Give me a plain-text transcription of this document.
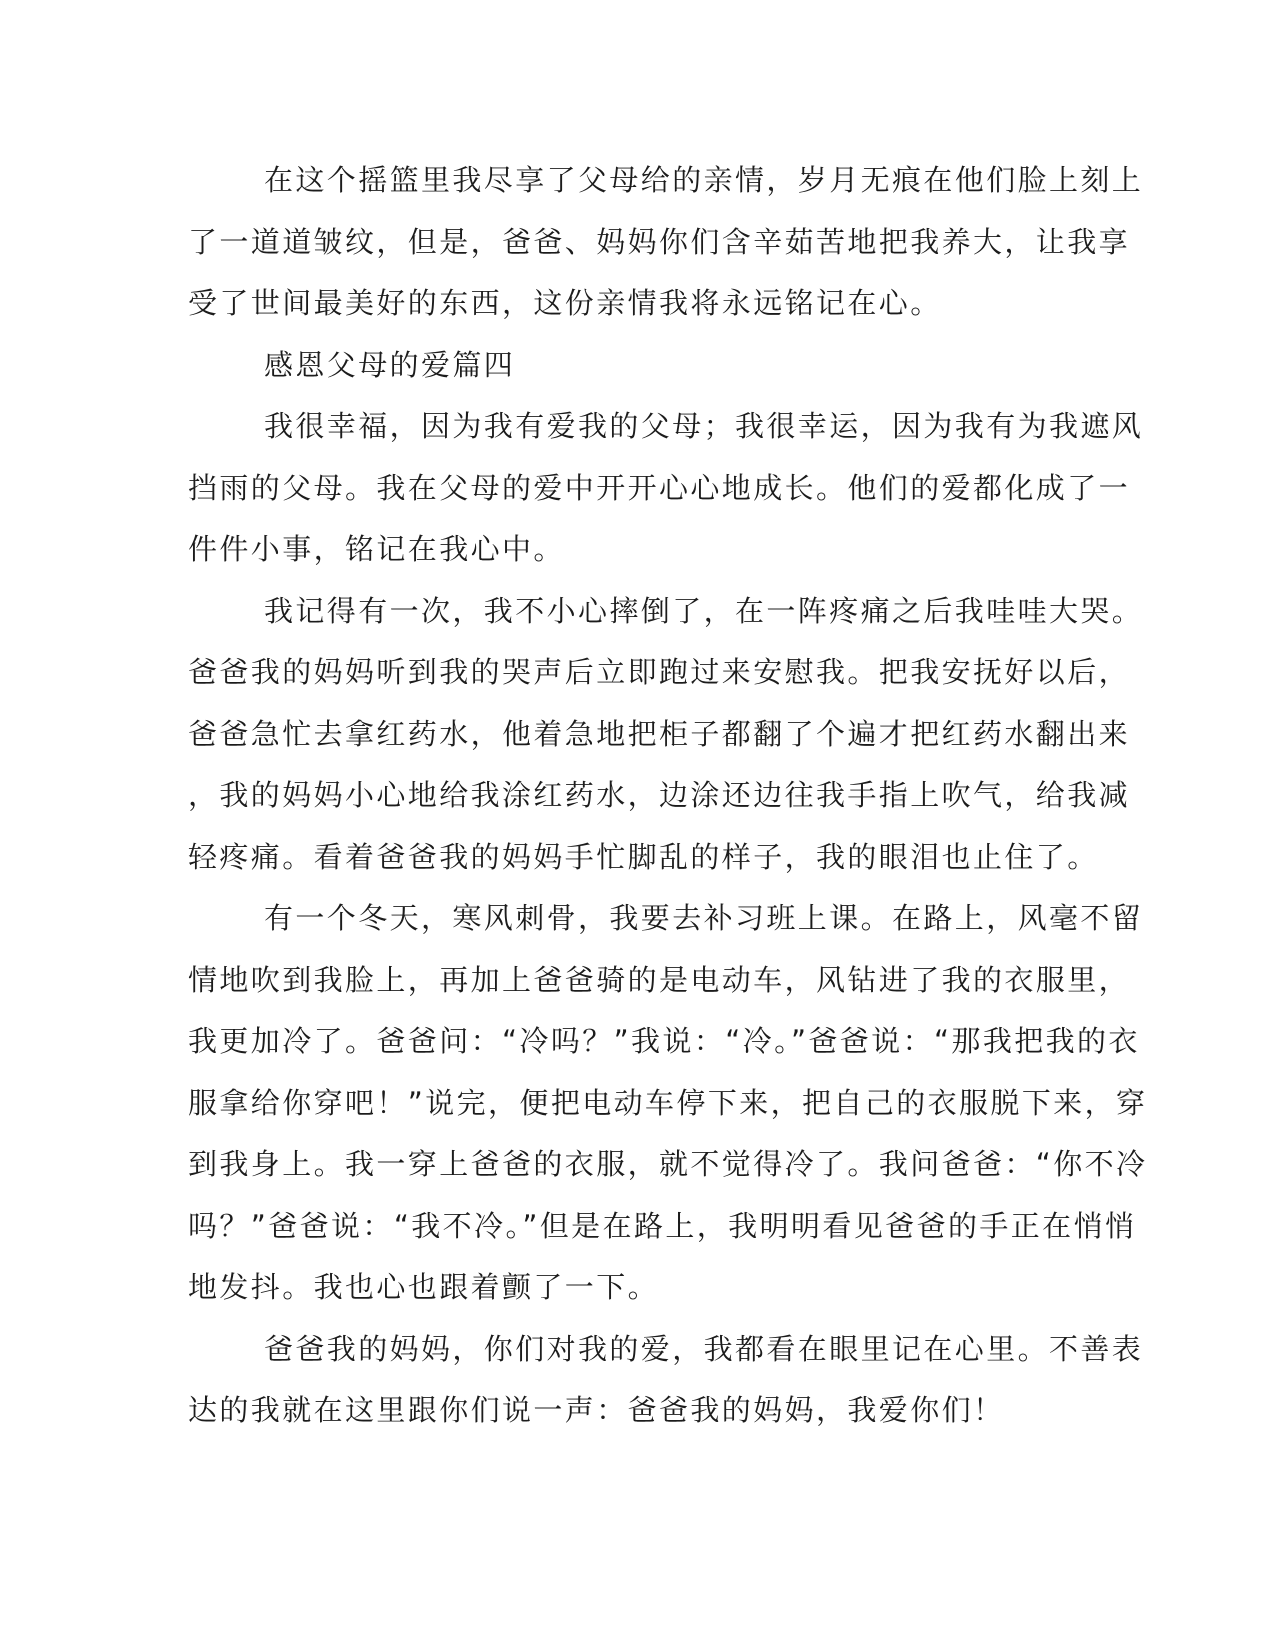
在这个摇篮里我尽享了父母给的亲情，岁月无痕在他们脸上刻上
了一道道皱纹，但是，爸爸、妈妈你们含辛茹苦地把我养大，让我享
受了世间最美好的东西，这份亲情我将永远铭记在心。
感恩父母的爱篇四
我很幸福，因为我有爱我的父母；我很幸运，因为我有为我遮风
挡雨的父母。我在父母的爱中开开心心地成长。他们的爱都化成了一
件件小事，铭记在我心中。
我记得有一次，我不小心摔倒了，在一阵疼痛之后我哇哇大哭。
爸爸我的妈妈听到我的哭声后立即跑过来安慰我。把我安抚好以后，
爸爸急忙去拿红药水，他着急地把柜子都翻了个遍才把红药水翻出来
，我的妈妈小心地给我涂红药水，边涂还边往我手指上吹气，给我减
轻疼痛。看着爸爸我的妈妈手忙脚乱的样子，我的眼泪也止住了。
有一个冬天，寒风刺骨，我要去补习班上课。在路上，风毫不留
情地吹到我脸上，再加上爸爸骑的是电动车，风钻进了我的衣服里，
我更加冷了。爸爸问：“冷吗？”我说：“冷。”爸爸说：“那我把我的衣
服拿给你穿吧！”说完，便把电动车停下来，把自己的衣服脱下来，穿
到我身上。我一穿上爸爸的衣服，就不觉得冷了。我问爸爸：“你不冷
吗？”爸爸说：“我不冷。”但是在路上，我明明看见爸爸的手正在悄悄
地发抖。我也心也跟着颤了一下。
爸爸我的妈妈，你们对我的爱，我都看在眼里记在心里。不善表
达的我就在这里跟你们说一声：爸爸我的妈妈，我爱你们！
